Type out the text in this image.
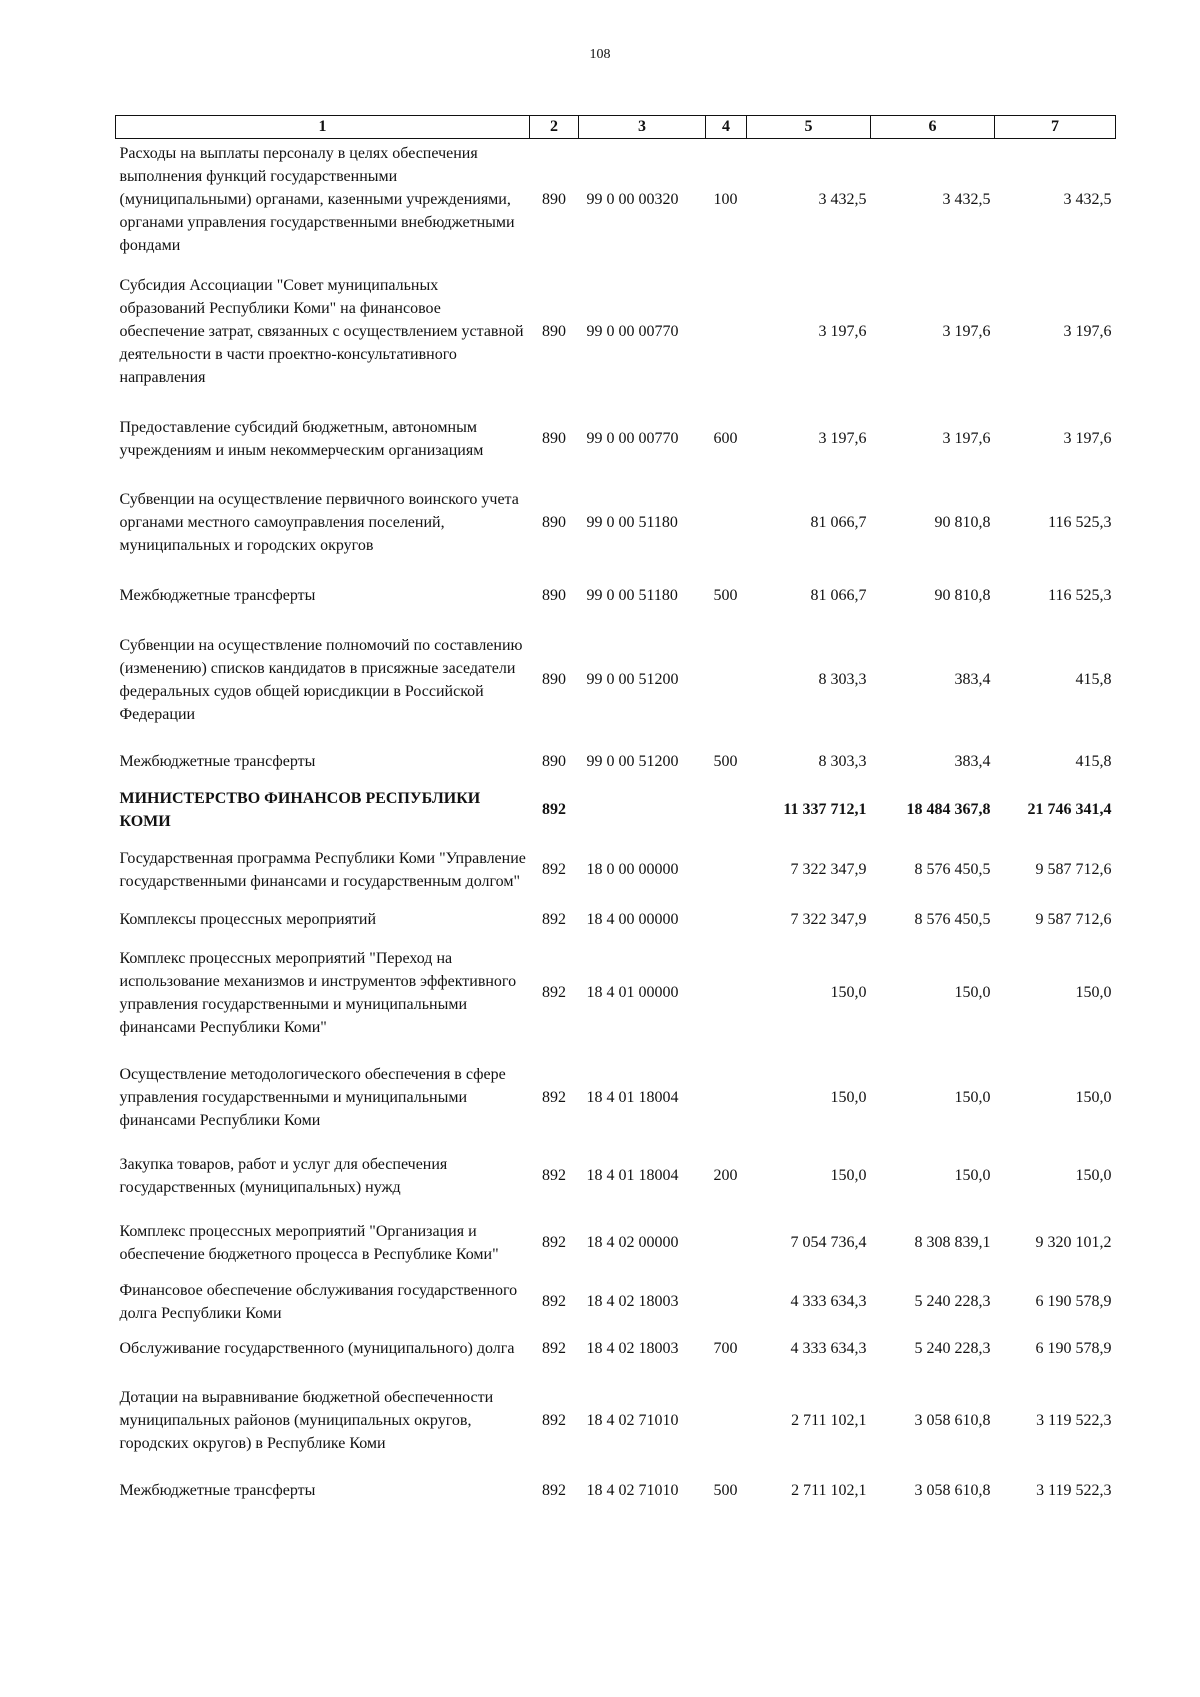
108
1	2	3	4	5	6	7
Расходы на выплаты персоналу в целях обеспечения выполнения функций государственными (муниципальными) органами, казенными учреждениями, органами управления государственными внебюджетными фондами	890	99 0 00 00320	100	3 432,5	3 432,5	3 432,5
Субсидия Ассоциации "Совет муниципальных образований Республики Коми" на финансовое обеспечение затрат, связанных с осуществлением уставной деятельности в части проектно-консультативного направления	890	99 0 00 00770		3 197,6	3 197,6	3 197,6
Предоставление субсидий бюджетным, автономным учреждениям и иным некоммерческим организациям	890	99 0 00 00770	600	3 197,6	3 197,6	3 197,6
Субвенции на осуществление первичного воинского учета органами местного самоуправления поселений, муниципальных и городских округов	890	99 0 00 51180		81 066,7	90 810,8	116 525,3
Межбюджетные трансферты	890	99 0 00 51180	500	81 066,7	90 810,8	116 525,3
Субвенции на осуществление полномочий по составлению (изменению) списков кандидатов в присяжные заседатели федеральных судов общей юрисдикции в Российской Федерации	890	99 0 00 51200		8 303,3	383,4	415,8
Межбюджетные трансферты	890	99 0 00 51200	500	8 303,3	383,4	415,8
МИНИСТЕРСТВО ФИНАНСОВ РЕСПУБЛИКИ КОМИ	892			11 337 712,1	18 484 367,8	21 746 341,4
Государственная программа Республики Коми "Управление государственными финансами и государственным долгом"	892	18 0 00 00000		7 322 347,9	8 576 450,5	9 587 712,6
Комплексы процессных мероприятий	892	18 4 00 00000		7 322 347,9	8 576 450,5	9 587 712,6
Комплекс процессных мероприятий "Переход на использование механизмов и инструментов эффективного управления государственными и муниципальными финансами Республики Коми"	892	18 4 01 00000		150,0	150,0	150,0
Осуществление методологического обеспечения в сфере управления государственными и муниципальными финансами Республики Коми	892	18 4 01 18004		150,0	150,0	150,0
Закупка товаров, работ и услуг для обеспечения государственных (муниципальных) нужд	892	18 4 01 18004	200	150,0	150,0	150,0
Комплекс процессных мероприятий "Организация и обеспечение бюджетного процесса в Республике Коми"	892	18 4 02 00000		7 054 736,4	8 308 839,1	9 320 101,2
Финансовое обеспечение обслуживания государственного долга Республики Коми	892	18 4 02 18003		4 333 634,3	5 240 228,3	6 190 578,9
Обслуживание государственного (муниципального) долга	892	18 4 02 18003	700	4 333 634,3	5 240 228,3	6 190 578,9
Дотации на выравнивание бюджетной обеспеченности муниципальных районов (муниципальных округов, городских округов) в Республике Коми	892	18 4 02 71010		2 711 102,1	3 058 610,8	3 119 522,3
Межбюджетные трансферты	892	18 4 02 71010	500	2 711 102,1	3 058 610,8	3 119 522,3
